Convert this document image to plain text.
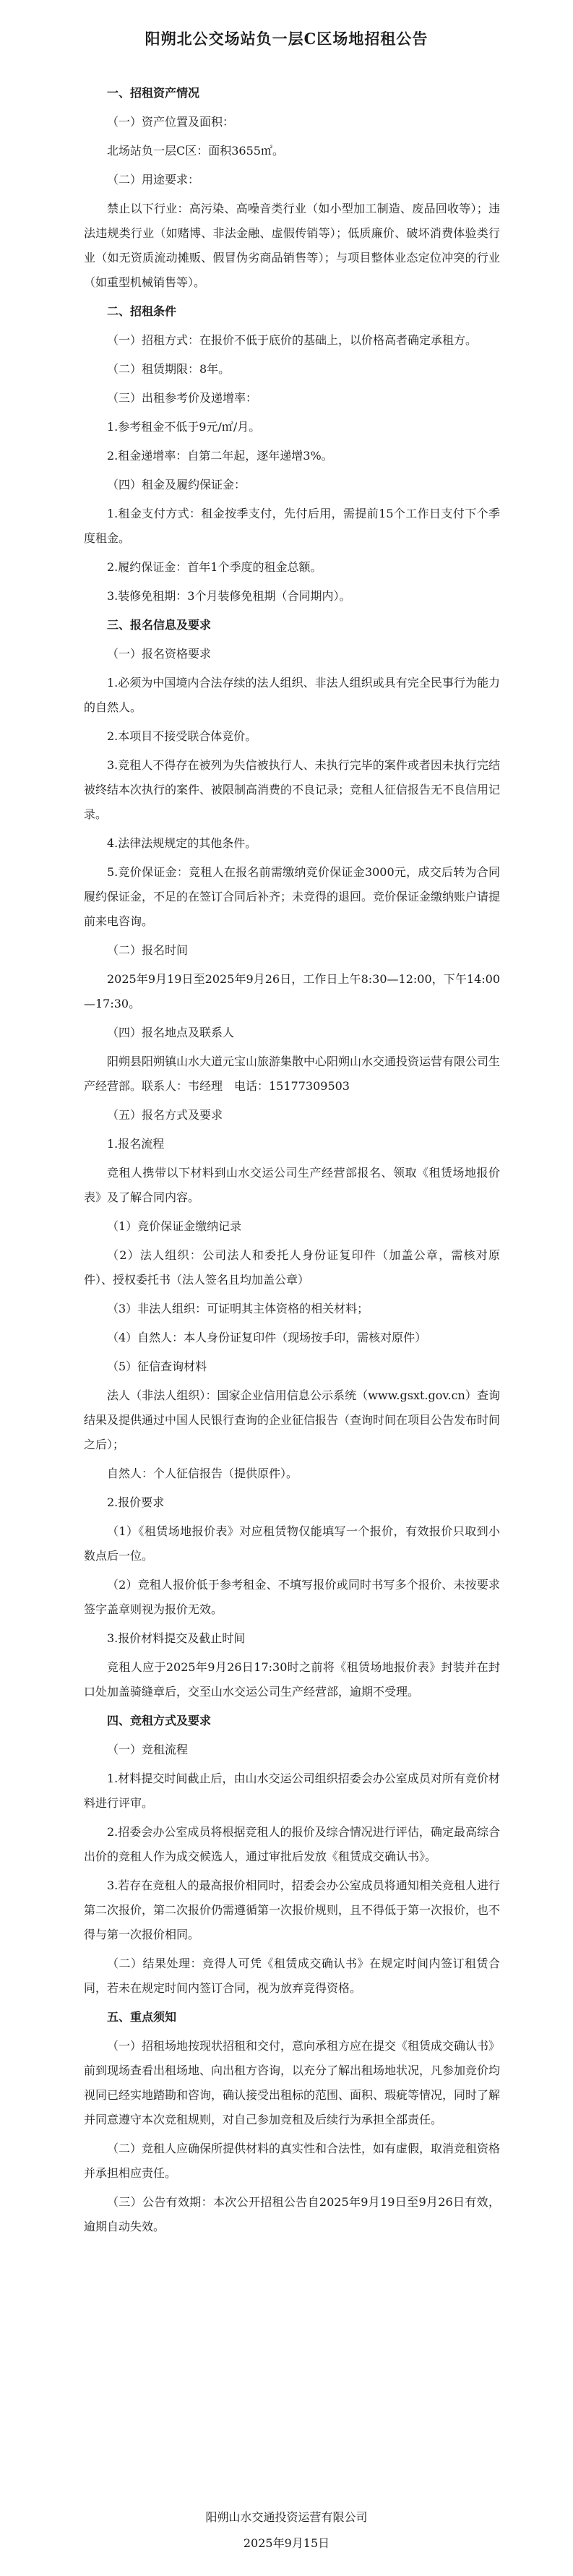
阳朔北公交场站负一层C区场地招租公告
一、招租资产情况
（一）资产位置及面积：
北场站负一层C区：面积3655㎡。
（二）用途要求：
禁止以下行业：高污染、高噪音类行业（如小型加工制造、废品回收等）；违法违规类行业（如赌博、非法金融、虚假传销等）；低质廉价、破坏消费体验类行业（如无资质流动摊贩、假冒伪劣商品销售等）；与项目整体业态定位冲突的行业（如重型机械销售等）。
二、招租条件
（一）招租方式：在报价不低于底价的基础上，以价格高者确定承租方。
（二）租赁期限：8年。
（三）出租参考价及递增率：
1.参考租金不低于9元/㎡/月。
2.租金递增率：自第二年起，逐年递增3%。
（四）租金及履约保证金：
1.租金支付方式：租金按季支付，先付后用，需提前15个工作日支付下个季度租金。
2.履约保证金：首年1个季度的租金总额。
3.装修免租期：3个月装修免租期（合同期内）。
三、报名信息及要求
（一）报名资格要求
1.必须为中国境内合法存续的法人组织、非法人组织或具有完全民事行为能力的自然人。
2.本项目不接受联合体竞价。
3.竞租人不得存在被列为失信被执行人、未执行完毕的案件或者因未执行完结被终结本次执行的案件、被限制高消费的不良记录；竞租人征信报告无不良信用记录。
4.法律法规规定的其他条件。
5.竞价保证金：竞租人在报名前需缴纳竞价保证金3000元，成交后转为合同履约保证金，不足的在签订合同后补齐；未竞得的退回。竞价保证金缴纳账户请提前来电咨询。
（二）报名时间
2025年9月19日至2025年9月26日，工作日上午8:30—12:00，下午14:00—17:30。
（四）报名地点及联系人
阳朔县阳朔镇山水大道元宝山旅游集散中心阳朔山水交通投资运营有限公司生产经营部。联系人：韦经理　电话：15177309503
（五）报名方式及要求
1.报名流程
竞租人携带以下材料到山水交运公司生产经营部报名、领取《租赁场地报价表》及了解合同内容。
（1）竞价保证金缴纳记录
（2）法人组织：公司法人和委托人身份证复印件（加盖公章，需核对原件）、授权委托书（法人签名且均加盖公章）
（3）非法人组织：可证明其主体资格的相关材料；
（4）自然人：本人身份证复印件（现场按手印，需核对原件）
（5）征信查询材料
法人（非法人组织）：国家企业信用信息公示系统（www.gsxt.gov.cn）查询结果及提供通过中国人民银行查询的企业征信报告（查询时间在项目公告发布时间之后）；
自然人：个人征信报告（提供原件）。
2.报价要求
（1）《租赁场地报价表》对应租赁物仅能填写一个报价，有效报价只取到小数点后一位。
（2）竞租人报价低于参考租金、不填写报价或同时书写多个报价、未按要求签字盖章则视为报价无效。
3.报价材料提交及截止时间
竞租人应于2025年9月26日17:30时之前将《租赁场地报价表》封装并在封口处加盖骑缝章后，交至山水交运公司生产经营部，逾期不受理。
四、竞租方式及要求
（一）竞租流程
1.材料提交时间截止后，由山水交运公司组织招委会办公室成员对所有竞价材料进行评审。
2.招委会办公室成员将根据竞租人的报价及综合情况进行评估，确定最高综合出价的竞租人作为成交候选人，通过审批后发放《租赁成交确认书》。
3.若存在竞租人的最高报价相同时，招委会办公室成员将通知相关竞租人进行第二次报价，第二次报价仍需遵循第一次报价规则，且不得低于第一次报价，也不得与第一次报价相同。
（二）结果处理：竞得人可凭《租赁成交确认书》在规定时间内签订租赁合同，若未在规定时间内签订合同，视为放弃竞得资格。
五、重点须知
（一）招租场地按现状招租和交付，意向承租方应在提交《租赁成交确认书》前到现场查看出租场地、向出租方咨询，以充分了解出租场地状况，凡参加竞价均视同已经实地踏勘和咨询，确认接受出租标的范围、面积、瑕疵等情况，同时了解并同意遵守本次竞租规则，对自己参加竞租及后续行为承担全部责任。
（二）竞租人应确保所提供材料的真实性和合法性，如有虚假，取消竞租资格并承担相应责任。
（三）公告有效期：本次公开招租公告自2025年9月19日至9月26日有效，逾期自动失效。
阳朔山水交通投资运营有限公司
2025年9月15日
